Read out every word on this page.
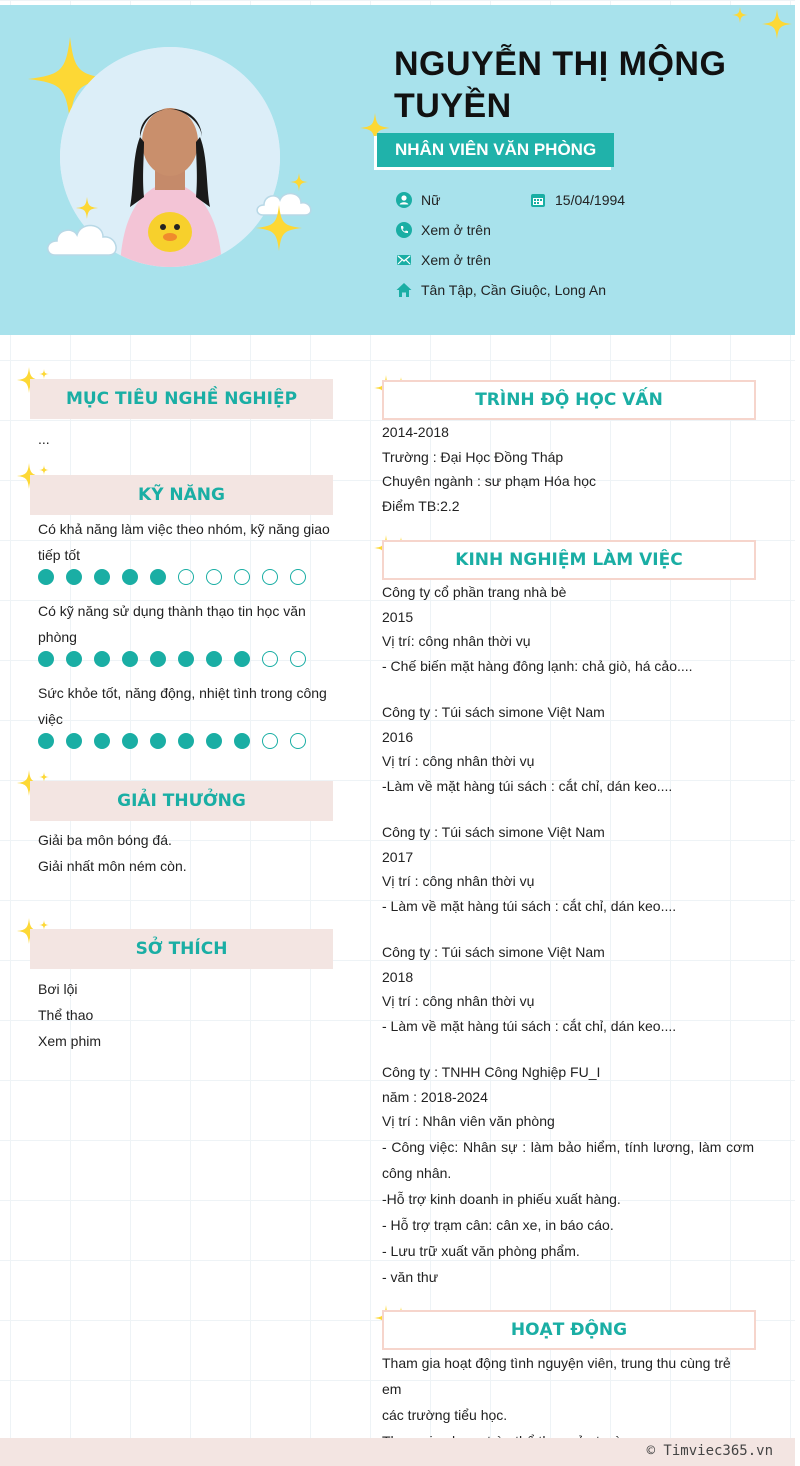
NGUYỄN THỊ MỘNG TUYỀN
NHÂN VIÊN VĂN PHÒNG
Nữ	15/04/1994
Xem ở trên
Xem ở trên
Tân Tập, Cần Giuộc, Long An
MỤC TIÊU NGHỀ NGHIỆP
...
KỸ NĂNG
Có khả năng làm việc theo nhóm, kỹ năng giao
tiếp tốt
Có kỹ năng sử dụng thành thạo tin học văn
phòng
Sức khỏe tốt, năng động, nhiệt tình trong công
việc
GIẢI THƯỞNG
Giải ba môn bóng đá.
Giải nhất môn ném còn.
SỞ THÍCH
Bơi lội
Thể thao
Xem phim
TRÌNH ĐỘ HỌC VẤN
2014-2018
Trường : Đại Học Đồng Tháp
Chuyên ngành : sư phạm Hóa học
Điểm TB:2.2
KINH NGHIỆM LÀM VIỆC
Công ty cổ phần trang nhà bè
2015
Vị trí: công nhân thời vụ
- Chế biến mặt hàng đông lạnh: chả giò, há cảo....
Công ty : Túi sách simone Việt Nam
2016
Vị trí : công nhân thời vụ
-Làm về mặt hàng túi sách : cắt chỉ, dán keo....
Công ty : Túi sách simone Việt Nam
2017
Vị trí : công nhân thời vụ
- Làm về mặt hàng túi sách : cắt chỉ, dán keo....
Công ty : Túi sách simone Việt Nam
2018
Vị trí : công nhân thời vụ
- Làm về mặt hàng túi sách : cắt chỉ, dán keo....
Công ty : TNHH Công Nghiệp FU_I
năm : 2018-2024
Vị trí : Nhân viên văn phòng
- Công việc: Nhân sự : làm bảo hiểm, tính lương, làm cơm
công nhân.
-Hỗ trợ kinh doanh in phiếu xuất hàng.
- Hỗ trợ trạm cân: cân xe, in báo cáo.
- Lưu trữ xuất văn phòng phẩm.
- văn thư
HOẠT ĐỘNG
Tham gia hoạt động tình nguyện viên, trung thu cùng trẻ em
các trường tiểu học.
© Timviec365.vn
